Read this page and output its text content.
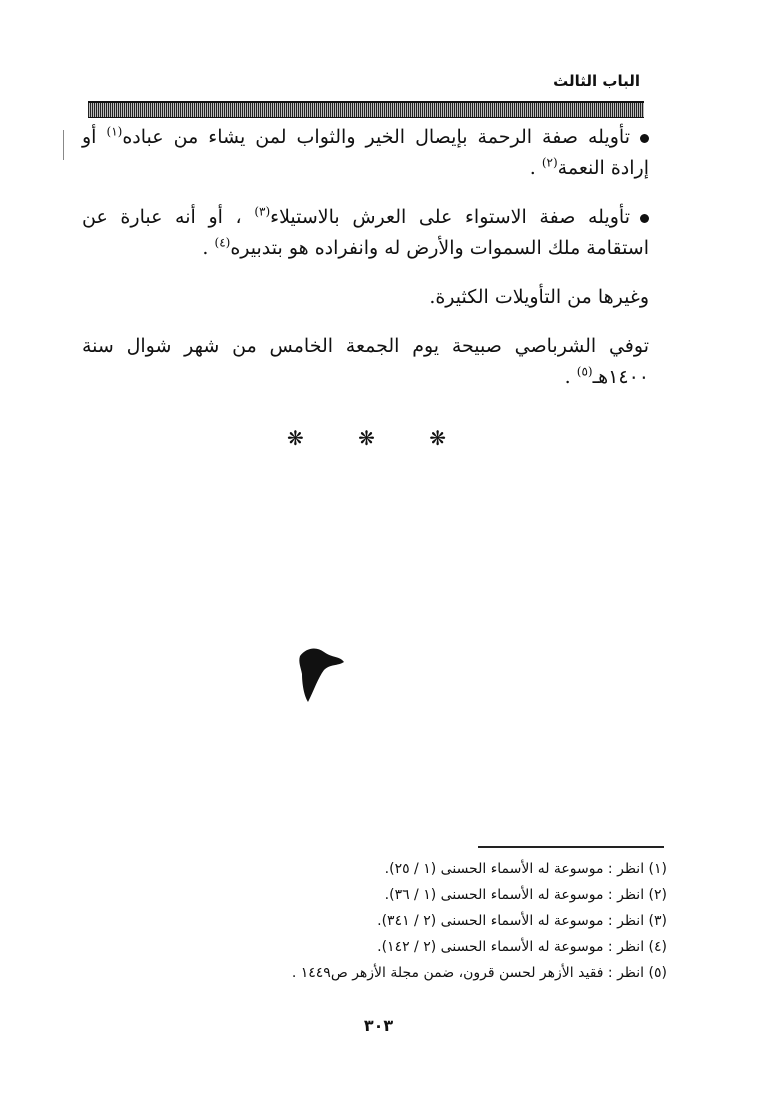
الباب الثالث

تأويله صفة الرحمة بإيصال الخير والثواب لمن يشاء من عباده$^{(١)}$ أو إرادة النعمة$^{(٢)}$ .

تأويله صفة الاستواء على العرش بالاستيلاء$^{(٣)}$ ، أو أنه عبارة عن استقامة ملك السموات والأرض له وانفراده هو بتدبيره$^{(٤)}$ .

وغيرها من التأويلات الكثيرة.

توفي الشرباصي صبيحة يوم الجمعة الخامس من شهر شوال سنة ١٤٠٠هـ$^{(٥)}$ .

❋ ❋ ❋
(١) انظر : موسوعة له الأسماء الحسنى (١ / ٢٥).
(٢) انظر : موسوعة له الأسماء الحسنى (١ / ٣٦).
(٣) انظر : موسوعة له الأسماء الحسنى (٢ / ٣٤١).
(٤) انظر : موسوعة له الأسماء الحسنى (٢ / ١٤٢).
(٥) انظر : فقيد الأزهر لحسن قرون، ضمن مجلة الأزهر ص١٤٤٩ .
٣٠٣
